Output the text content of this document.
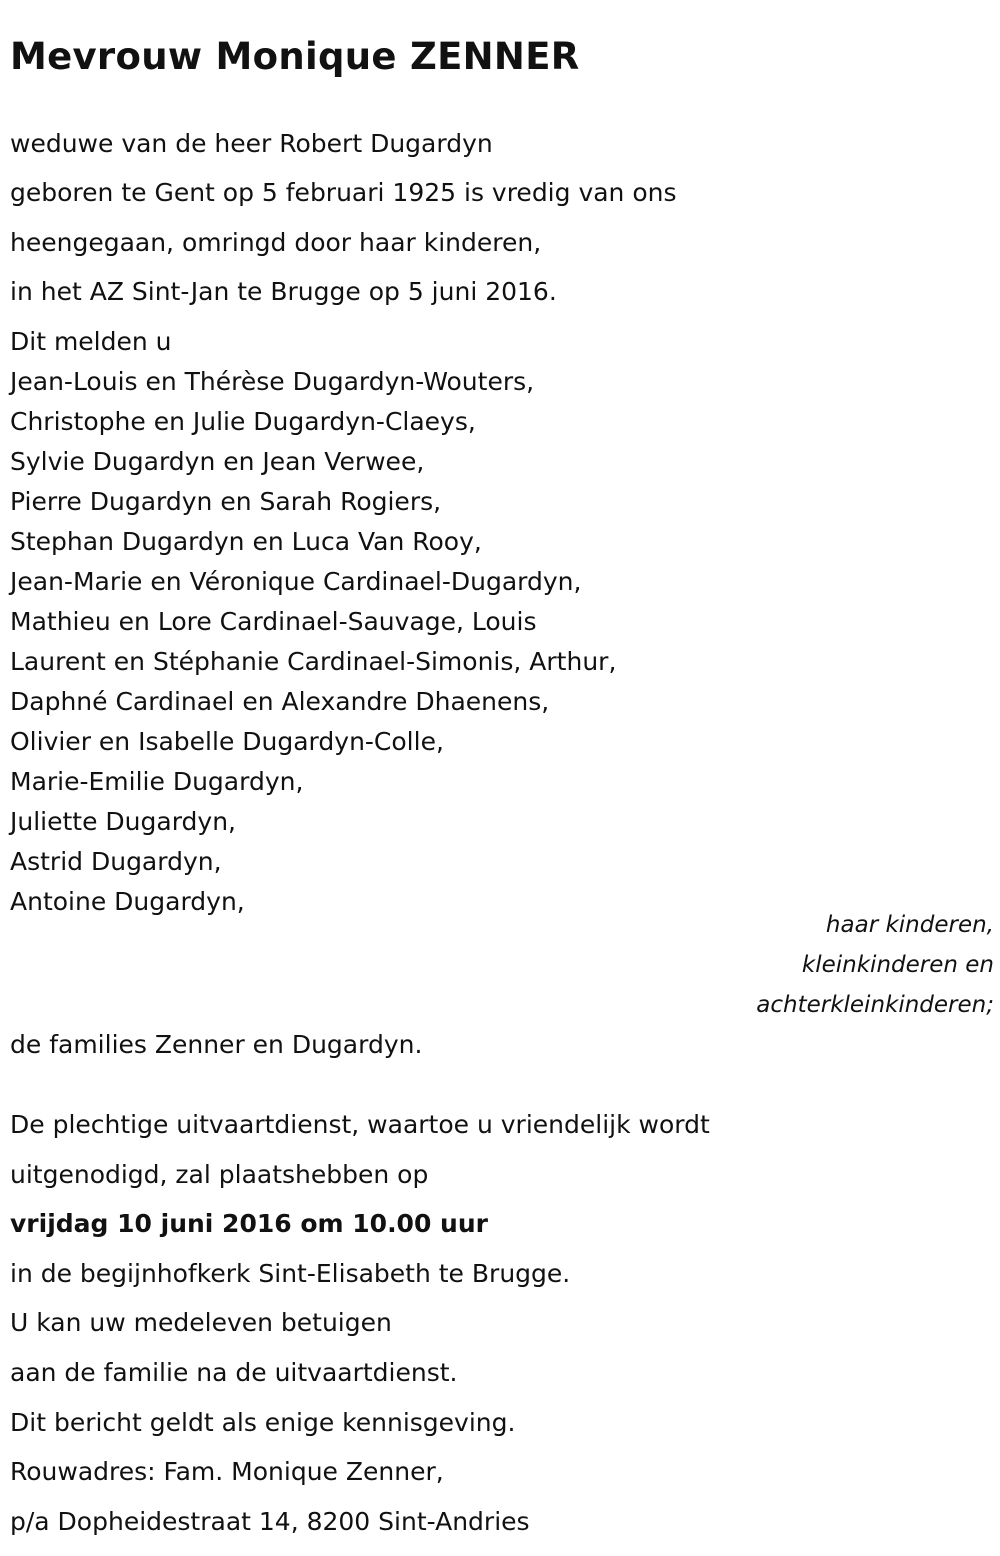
Mevrouw Monique ZENNER
weduwe van de heer Robert Dugardyn
geboren te Gent op 5 februari 1925 is vredig van ons
heengegaan, omringd door haar kinderen,
in het AZ Sint-Jan te Brugge op 5 juni 2016.
Dit melden u
Jean-Louis en Thérèse Dugardyn-Wouters,
Christophe en Julie Dugardyn-Claeys,
Sylvie Dugardyn en Jean Verwee,
Pierre Dugardyn en Sarah Rogiers,
Stephan Dugardyn en Luca Van Rooy,
Jean-Marie en Véronique Cardinael-Dugardyn,
Mathieu en Lore Cardinael-Sauvage, Louis
Laurent en Stéphanie Cardinael-Simonis, Arthur,
Daphné Cardinael en Alexandre Dhaenens,
Olivier en Isabelle Dugardyn-Colle,
Marie-Emilie Dugardyn,
Juliette Dugardyn,
Astrid Dugardyn,
Antoine Dugardyn,
haar kinderen,
kleinkinderen en
achterkleinkinderen;
de families Zenner en Dugardyn.
De plechtige uitvaartdienst, waartoe u vriendelijk wordt
uitgenodigd, zal plaatshebben op
vrijdag 10 juni 2016 om 10.00 uur
in de begijnhofkerk Sint-Elisabeth te Brugge.
U kan uw medeleven betuigen
aan de familie na de uitvaartdienst.
Dit bericht geldt als enige kennisgeving.
Rouwadres: Fam. Monique Zenner,
p/a Dopheidestraat 14, 8200 Sint-Andries
